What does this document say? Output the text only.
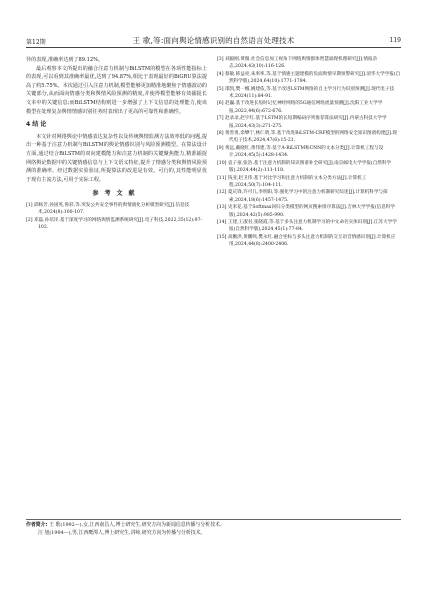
第12期	王 歌,等:面向舆论情感识别的自然语言处理技术	119

异的表现,准确率达到了89.12%。

最后观察本文所提出的融合注意力机制与BiLSTM的模型在各项性能指标上的表现,可以看到其准确率最优,达到了94.87%,相比于表现最好的BiGRU算法提高了约5.75%。本次通过引入注意力机制,模型能够更加精准地聚焦于情感波动的关键部分,从而面向情感分类和舆情风险预测的精度,并使得模型能够有效捕捉长文本中的关键信息;而BiLSTM结构则进一步增强了上下文信息的处理能力,使该模型在处理复杂舆情情感识别任务时表现出了更高的可靠性和准确性。

4 结 论

本文针对网络舆论中情感表达复杂性以及传统舆情监测方法效率低的问题,提出一种基于注意力机制与BiLSTM的舆论情感识别与风险预测模型。在算法设计方面,通过结合BiLSTM的双向建模能力和注意力机制的关键聚焦能力,精准捕捉网络舆论数据中的关键情感信息与上下文语义特征,提升了情感分类和舆情风险预测的准确率。经过数据实验验证,所提算法的改进是有效、可行的,其性能明显优于现有主流方法,可用于实际工程。

参考文献

[1] 邱杨芳,孙国英,鲁彩,等.突发公共安全事件的舆情演化分析模型研究[J].信息技术,2024(8):100-107.

[2] 邓磊,孙培洋.基于深度学习的网络舆情监测系统研究[J].电子科技,2022,35(12):97-102.

[3] 刘毅刚,黄微.社会信息加工视角下网络舆情群体智慧涌现机理研究[J].情报杂志,2024,43(10):116-126.

[4] 蔡敏,韩益亮,朱率率,等.基于情感主题建模的负面舆情早期预警研究[J].清华大学学报(自然科学版),2024,64(10):1771-1784.

[5] 邵凯,樊一娜,姚建依,等.基于改进LSTM网络的自主学习行为识别预测[J].现代电子技术,2024(11):84-91.

[6] 赵巍.基于改进长短时记忆神经网络的5G通信网络流量预测[J].沈阳工业大学学报,2022,44(6):672-676.

[7] 赵录录,赵宇红.基于LSTM的长短期编码序列推荐算法研究[J].内蒙古科技大学学报,2024,43(3):271-275.

[8] 黄善勇,余攀宁,林仁明,等.基于改进BiLSTM-CRF模型的网络安全知识图谱构建[J].现代电子技术,2024,47(6):15-21.

[9] 黄远,戴晓红,黄伟建,等.基于A-BiLSTM和CNN的文本分类[J].计算机工程与设计,2024,45(5):1428-1434.

[10] 袁子豪,张浩.基于注意力机制的知识图谱补全研究[J].南京邮电大学学报(自然科学版),2024,44(2):111-118.

[11] 钱亚,赵卫伟.基于对比学习和注意力机制的文本分类方法[J].计算机工程,2024,50(7):104-111.

[12] 夏庆锋,许可儿,李明阳,等.强化学习中的注意力机制研究综述[J].计算机科学与探索,2024,18(6):1457-1475.

[13] 史米花.基于Softmax回归分类模型的网页搜索排序算法[J].吉林大学学报(信息科学版),2024,42(5):985-990.

[14] 王建,王淑君,张晓霞,等.基于多头注意力机制学习的中文命名实体识别[J].江苏大学学报(自然科学版),2024,45(1):77-84.

[15] 高鹏洪,黄鹏鸣,樊永红.融合坐标与多头注意力机制的交互语音情感识别[J].计算机应用,2024,44(8):2400-2406.

作者简介: 王 歌(1992—),女,江西南昌人,博士研究生,研究方向为新闻信息传播与分析技术。
汪 旭(1994—),男,江西鹰潭人,博士研究生,讲师,研究方向为传播与分析技术。
